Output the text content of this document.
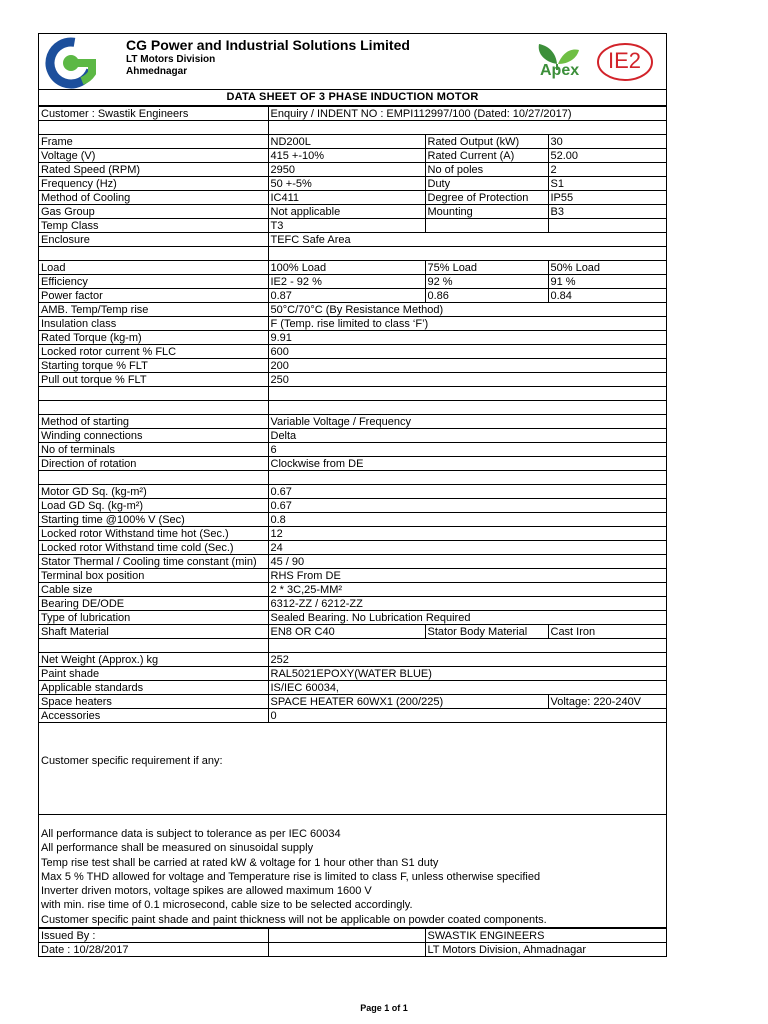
CG Power and Industrial Solutions Limited
LT Motors Division
Ahmednagar	Apex IE2
DATA SHEET OF 3 PHASE INDUCTION MOTOR
Customer : Swastik Engineers	Enquiry / INDENT NO : EMPI112997/100 (Dated: 10/27/2017)		

Frame	ND200L	Rated Output (kW)	30
Voltage (V)	415 +-10%	Rated Current (A)	52.00
Rated Speed (RPM)	2950	No of poles	2
Frequency (Hz)	50 +-5%	Duty	S1
Method of Cooling	IC411	Degree of Protection	IP55
Gas Group	Not applicable	Mounting	B3
Temp Class	T3		
Enclosure	TEFC Safe Area		

Load	100% Load	75% Load	50% Load
Efficiency	IE2 - 92 %	92 %	91 %
Power factor	0.87	0.86	0.84
AMB. Temp/Temp rise	50°C/70°C (By Resistance Method)		
Insulation class	F (Temp. rise limited to class ‘F’)		
Rated Torque (kg-m)	9.91		
Locked rotor current % FLC	600		
Starting torque % FLT	200		
Pull out torque % FLT	250		

Method of starting	Variable Voltage / Frequency		
Winding connections	Delta		
No of terminals	6		
Direction of rotation	Clockwise from DE		

Motor GD Sq. (kg-m²)	0.67		
Load GD Sq. (kg-m²)	0.67		
Starting time @100% V (Sec)	0.8		
Locked rotor Withstand time hot (Sec.)	12		
Locked rotor Withstand time cold (Sec.)	24		
Stator Thermal / Cooling time constant (min)	45 / 90		
Terminal box position	RHS From DE		
Cable size	2 * 3C,25-MM²		
Bearing DE/ODE	6312-ZZ / 6212-ZZ		
Type of lubrication	Sealed Bearing. No Lubrication Required		
Shaft Material	EN8 OR C40	Stator Body Material	Cast Iron

Net Weight (Approx.) kg	252		
Paint shade	RAL5021EPOXY(WATER BLUE)		
Applicable standards	IS/IEC 60034,		
Space heaters	SPACE HEATER 60WX1 (200/225)		Voltage: 220-240V
Accessories	0		
Customer specific requirement if any:
All performance data is subject to tolerance as per IEC 60034
All performance shall be measured on sinusoidal supply
Temp rise test shall be carried at rated kW & voltage for 1 hour other than S1 duty
Max 5 % THD allowed for voltage and Temperature rise is limited to class F, unless otherwise specified
Inverter driven motors, voltage spikes are allowed maximum 1600 V
with min. rise time of 0.1 microsecond, cable size to be selected accordingly.
Customer specific paint shade and paint thickness will not be applicable on powder coated components.
Issued By :		SWASTIK ENGINEERS
Date : 10/28/2017		LT Motors Division, Ahmadnagar
Page 1 of 1
